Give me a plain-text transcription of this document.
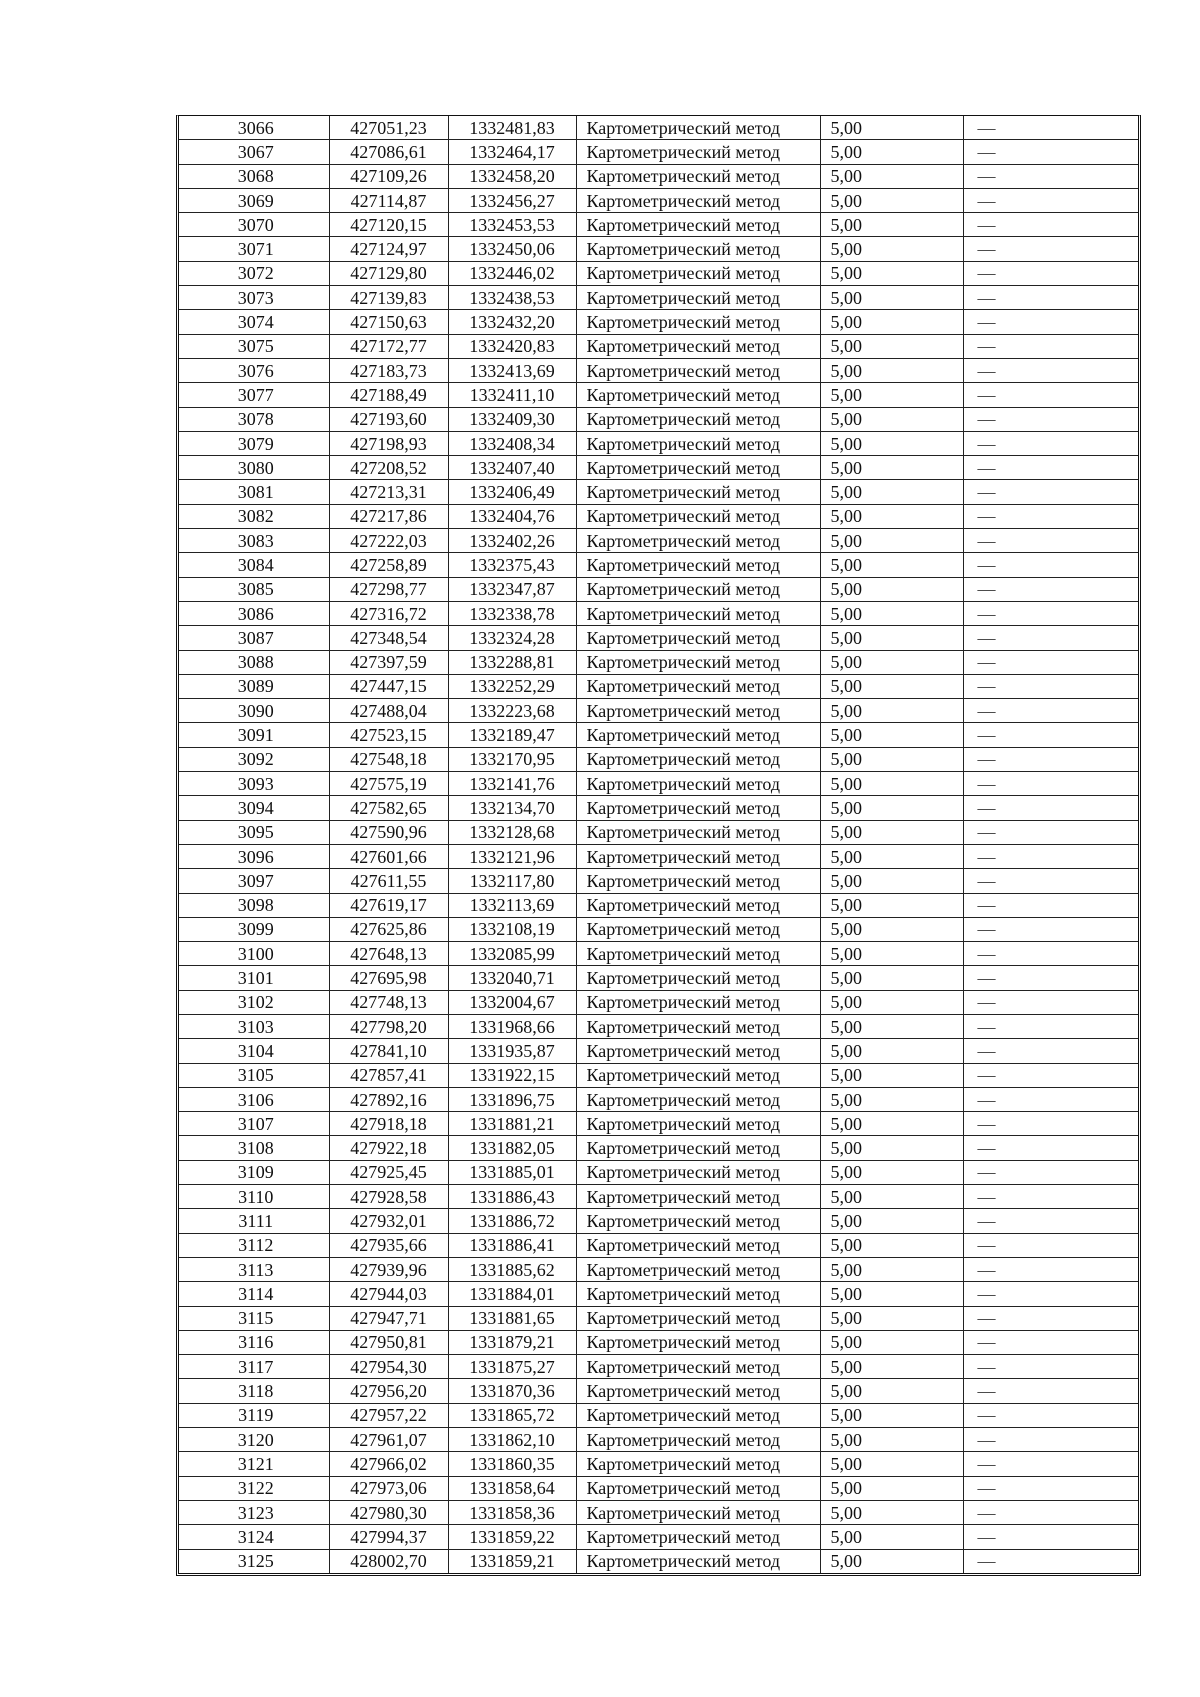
3066	427051,23	1332481,83	Картометрический метод	5,00	—
3067	427086,61	1332464,17	Картометрический метод	5,00	—
3068	427109,26	1332458,20	Картометрический метод	5,00	—
3069	427114,87	1332456,27	Картометрический метод	5,00	—
3070	427120,15	1332453,53	Картометрический метод	5,00	—
3071	427124,97	1332450,06	Картометрический метод	5,00	—
3072	427129,80	1332446,02	Картометрический метод	5,00	—
3073	427139,83	1332438,53	Картометрический метод	5,00	—
3074	427150,63	1332432,20	Картометрический метод	5,00	—
3075	427172,77	1332420,83	Картометрический метод	5,00	—
3076	427183,73	1332413,69	Картометрический метод	5,00	—
3077	427188,49	1332411,10	Картометрический метод	5,00	—
3078	427193,60	1332409,30	Картометрический метод	5,00	—
3079	427198,93	1332408,34	Картометрический метод	5,00	—
3080	427208,52	1332407,40	Картометрический метод	5,00	—
3081	427213,31	1332406,49	Картометрический метод	5,00	—
3082	427217,86	1332404,76	Картометрический метод	5,00	—
3083	427222,03	1332402,26	Картометрический метод	5,00	—
3084	427258,89	1332375,43	Картометрический метод	5,00	—
3085	427298,77	1332347,87	Картометрический метод	5,00	—
3086	427316,72	1332338,78	Картометрический метод	5,00	—
3087	427348,54	1332324,28	Картометрический метод	5,00	—
3088	427397,59	1332288,81	Картометрический метод	5,00	—
3089	427447,15	1332252,29	Картометрический метод	5,00	—
3090	427488,04	1332223,68	Картометрический метод	5,00	—
3091	427523,15	1332189,47	Картометрический метод	5,00	—
3092	427548,18	1332170,95	Картометрический метод	5,00	—
3093	427575,19	1332141,76	Картометрический метод	5,00	—
3094	427582,65	1332134,70	Картометрический метод	5,00	—
3095	427590,96	1332128,68	Картометрический метод	5,00	—
3096	427601,66	1332121,96	Картометрический метод	5,00	—
3097	427611,55	1332117,80	Картометрический метод	5,00	—
3098	427619,17	1332113,69	Картометрический метод	5,00	—
3099	427625,86	1332108,19	Картометрический метод	5,00	—
3100	427648,13	1332085,99	Картометрический метод	5,00	—
3101	427695,98	1332040,71	Картометрический метод	5,00	—
3102	427748,13	1332004,67	Картометрический метод	5,00	—
3103	427798,20	1331968,66	Картометрический метод	5,00	—
3104	427841,10	1331935,87	Картометрический метод	5,00	—
3105	427857,41	1331922,15	Картометрический метод	5,00	—
3106	427892,16	1331896,75	Картометрический метод	5,00	—
3107	427918,18	1331881,21	Картометрический метод	5,00	—
3108	427922,18	1331882,05	Картометрический метод	5,00	—
3109	427925,45	1331885,01	Картометрический метод	5,00	—
3110	427928,58	1331886,43	Картометрический метод	5,00	—
3111	427932,01	1331886,72	Картометрический метод	5,00	—
3112	427935,66	1331886,41	Картометрический метод	5,00	—
3113	427939,96	1331885,62	Картометрический метод	5,00	—
3114	427944,03	1331884,01	Картометрический метод	5,00	—
3115	427947,71	1331881,65	Картометрический метод	5,00	—
3116	427950,81	1331879,21	Картометрический метод	5,00	—
3117	427954,30	1331875,27	Картометрический метод	5,00	—
3118	427956,20	1331870,36	Картометрический метод	5,00	—
3119	427957,22	1331865,72	Картометрический метод	5,00	—
3120	427961,07	1331862,10	Картометрический метод	5,00	—
3121	427966,02	1331860,35	Картометрический метод	5,00	—
3122	427973,06	1331858,64	Картометрический метод	5,00	—
3123	427980,30	1331858,36	Картометрический метод	5,00	—
3124	427994,37	1331859,22	Картометрический метод	5,00	—
3125	428002,70	1331859,21	Картометрический метод	5,00	—
